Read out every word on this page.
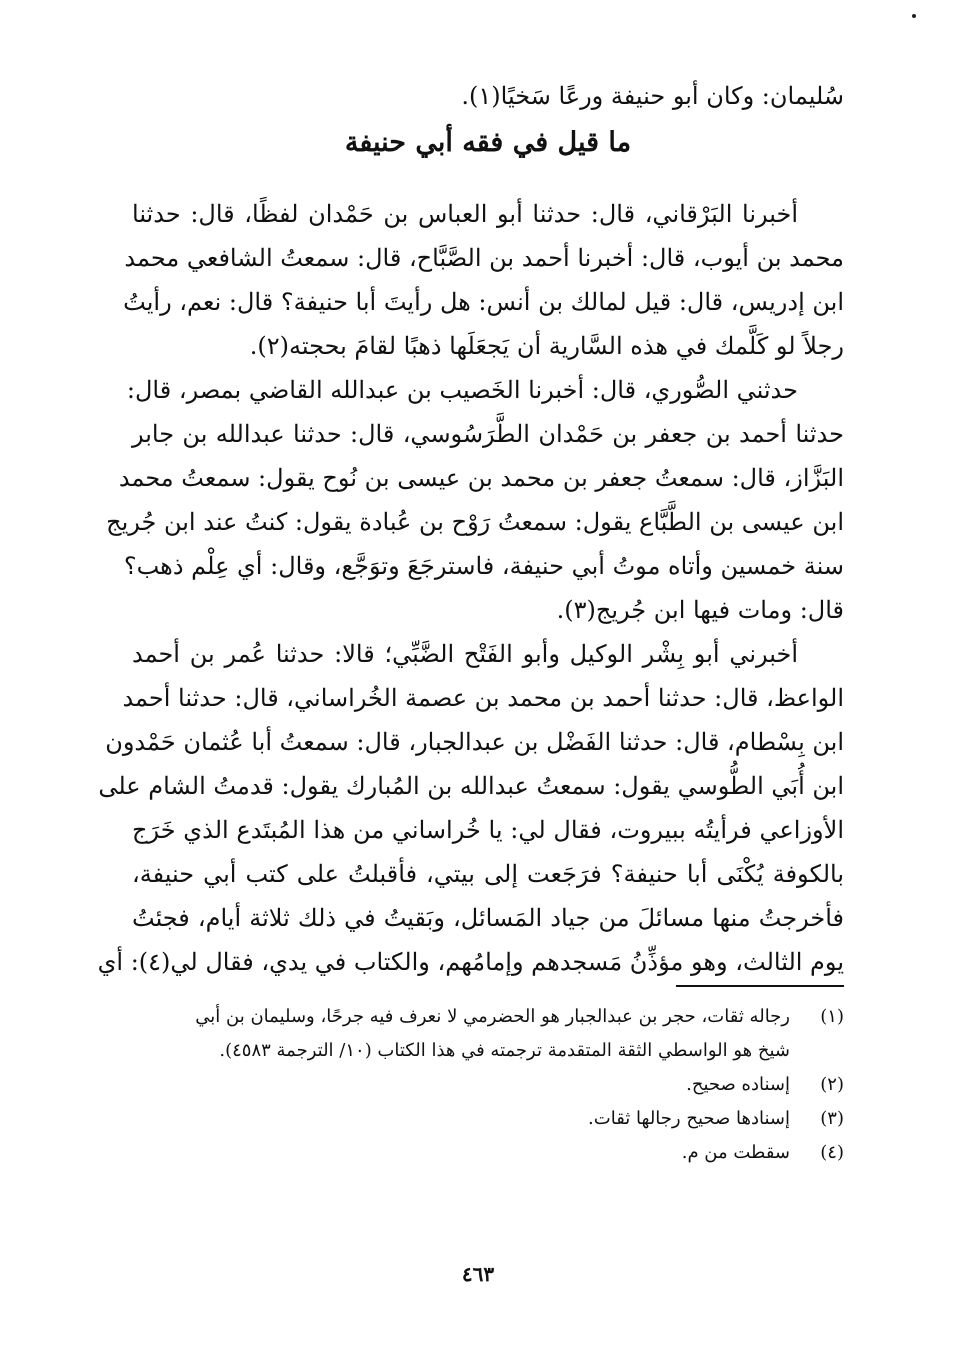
سُليمان: وكان أبو حنيفة ورعًا سَخيًا(١).
ما قيل في فقه أبي حنيفة
أخبرنا البَرْقاني، قال: حدثنا أبو العباس بن حَمْدان لفظًا، قال: حدثنا
محمد بن أيوب، قال: أخبرنا أحمد بن الصَّبَّاح، قال: سمعتُ الشافعي محمد
ابن إدريس، قال: قيل لمالك بن أنس: هل رأيتَ أبا حنيفة؟ قال: نعم، رأيتُ
رجلاً لو كَلَّمك في هذه السَّارية أن يَجعَلَها ذهبًا لقامَ بحجته(٢).
حدثني الصُّوري، قال: أخبرنا الخَصيب بن عبدالله القاضي بمصر، قال:
حدثنا أحمد بن جعفر بن حَمْدان الطَّرَسُوسي، قال: حدثنا عبدالله بن جابر
البَزَّاز، قال: سمعتُ جعفر بن محمد بن عيسى بن نُوح يقول: سمعتُ محمد
ابن عيسى بن الطَّبَّاع يقول: سمعتُ رَوْح بن عُبادة يقول: كنتُ عند ابن جُريج
سنة خمسين وأتاه موتُ أبي حنيفة، فاسترجَعَ وتوَجَّع، وقال: أي عِلْم ذهب؟
قال: ومات فيها ابن جُريج(٣).
أخبرني أبو بِشْر الوكيل وأبو الفَتْح الضَّبِّي؛ قالا: حدثنا عُمر بن أحمد
الواعظ، قال: حدثنا أحمد بن محمد بن عصمة الخُراساني، قال: حدثنا أحمد
ابن بِسْطام، قال: حدثنا الفَضْل بن عبدالجبار، قال: سمعتُ أبا عُثمان حَمْدون
ابن أُبَي الطُّوسي يقول: سمعتُ عبدالله بن المُبارك يقول: قدمتُ الشام على
الأوزاعي فرأيتُه ببيروت، فقال لي: يا خُراساني من هذا المُبتَدع الذي خَرَج
بالكوفة يُكْنَى أبا حنيفة؟ فرَجَعت إلى بيتي، فأقبلتُ على كتب أبي حنيفة،
فأخرجتُ منها مسائلَ من جياد المَسائل، وبَقيتُ في ذلك ثلاثة أيام، فجئتُ
يوم الثالث، وهو مؤذِّنُ مَسجدهم وإمامُهم، والكتاب في يدي، فقال لي(٤): أي
(١)
رجاله ثقات، حجر بن عبدالجبار هو الحضرمي لا نعرف فيه جرحًا، وسليمان بن أبي
شيخ هو الواسطي الثقة المتقدمة ترجمته في هذا الكتاب (١٠/ الترجمة ٤٥٨٣).
(٢)
إسناده صحيح.
(٣)
إسنادها صحيح رجالها ثقات.
(٤)
سقطت من م.
٤٦٣
